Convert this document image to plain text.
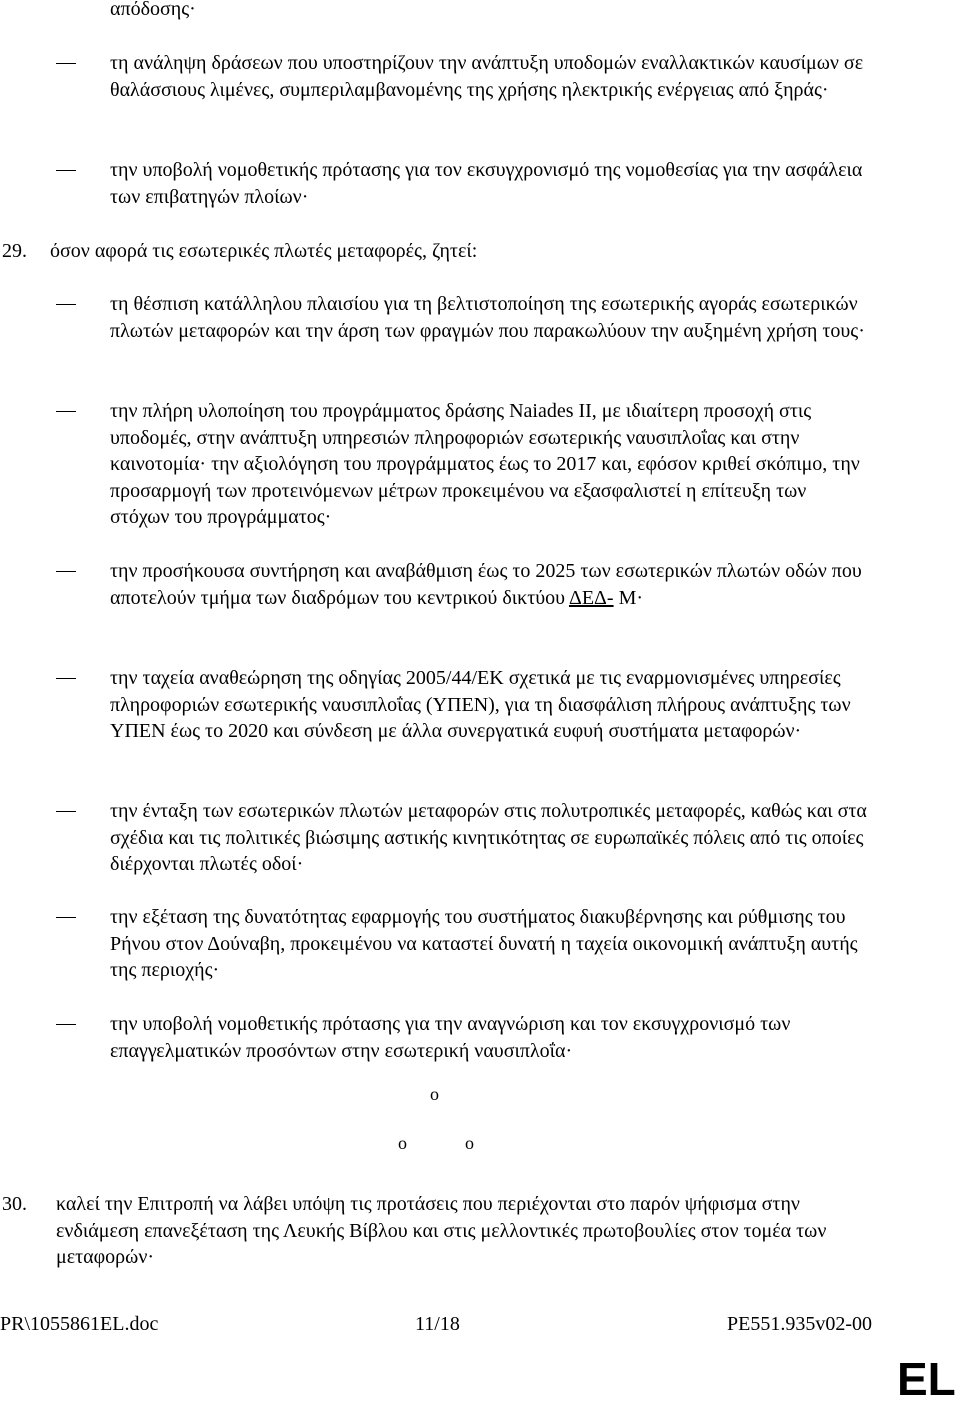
απόδοσης·
τη ανάληψη δράσεων που υποστηρίζουν την ανάπτυξη υποδομών εναλλακτικών καυσίμων σε θαλάσσιους λιμένες, συμπεριλαμβανομένης της χρήσης ηλεκτρικής ενέργειας από ξηράς·
την υποβολή νομοθετικής πρότασης για τον εκσυγχρονισμό της νομοθεσίας για την ασφάλεια των επιβατηγών πλοίων·
29. όσον αφορά τις εσωτερικές πλωτές μεταφορές, ζητεί:
τη θέσπιση κατάλληλου πλαισίου για τη βελτιστοποίηση της εσωτερικής αγοράς εσωτερικών πλωτών μεταφορών και την άρση των φραγμών που παρακωλύουν την αυξημένη χρήση τους·
την πλήρη υλοποίηση του προγράμματος δράσης Naiades II, με ιδιαίτερη προσοχή στις υποδομές, στην ανάπτυξη υπηρεσιών πληροφοριών εσωτερικής ναυσιπλοΐας και στην καινοτομία· την αξιολόγηση του προγράμματος έως το 2017 και, εφόσον κριθεί σκόπιμο, την προσαρμογή των προτεινόμενων μέτρων προκειμένου να εξασφαλιστεί η επίτευξη των στόχων του προγράμματος·
την προσήκουσα συντήρηση και αναβάθμιση έως το 2025 των εσωτερικών πλωτών οδών που αποτελούν τμήμα των διαδρόμων του κεντρικού δικτύου ΔΕΔ- Μ·
την ταχεία αναθεώρηση της οδηγίας 2005/44/ΕΚ σχετικά με τις εναρμονισμένες υπηρεσίες πληροφοριών εσωτερικής ναυσιπλοΐας (ΥΠΕΝ), για τη διασφάλιση πλήρους ανάπτυξης των ΥΠΕΝ έως το 2020 και σύνδεση με άλλα συνεργατικά ευφυή συστήματα μεταφορών·
την ένταξη των εσωτερικών πλωτών μεταφορών στις πολυτροπικές μεταφορές, καθώς και στα σχέδια και τις πολιτικές βιώσιμης αστικής κινητικότητας σε ευρωπαϊκές πόλεις από τις οποίες διέρχονται πλωτές οδοί·
την εξέταση της δυνατότητας εφαρμογής του συστήματος διακυβέρνησης και ρύθμισης του Ρήνου στον Δούναβη, προκειμένου να καταστεί δυνατή η ταχεία οικονομική ανάπτυξη αυτής της περιοχής·
την υποβολή νομοθετικής πρότασης για την αναγνώριση και τον εκσυγχρονισμό των επαγγελματικών προσόντων στην εσωτερική ναυσιπλοΐα·
o
o	o
30. καλεί την Επιτροπή να λάβει υπόψη τις προτάσεις που περιέχονται στο παρόν ψήφισμα στην ενδιάμεση επανεξέταση της Λευκής Βίβλου και στις μελλοντικές πρωτοβουλίες στον τομέα των μεταφορών·
PR\1055861EL.doc	11/18	PE551.935v02-00
EL
